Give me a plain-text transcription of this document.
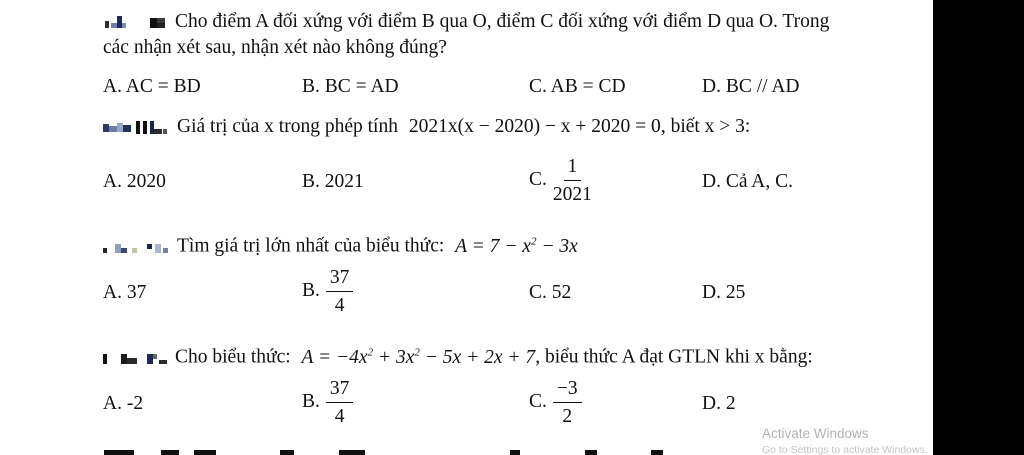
Cho điểm A đối xứng với điểm B qua O, điểm C đối xứng với điểm D qua O. Trong
các nhận xét sau, nhận xét nào không đúng?
A. AC = BD	B. BC = AD	C. AB = CD	D. BC // AD
Giá trị của x trong phép tính 2021x(x − 2020) − x + 2020 = 0, biết x > 3:
A. 2020	B. 2021	C. $\frac{1}{2021}$	D. Cả A, C.
Tìm giá trị lớn nhất của biểu thức: $A = 7 - x^2 - 3x$
A. 37	B. $\frac{37}{4}$	C. 52	D. 25
Cho biểu thức: $A = -4x^2 + 3x^2 - 5x + 2x + 7$, biểu thức A đạt GTLN khi x bằng:
A. -2	B. $\frac{37}{4}$	C. $\frac{-3}{2}$	D. 2

Activate Windows
Go to Settings to activate Windows.
